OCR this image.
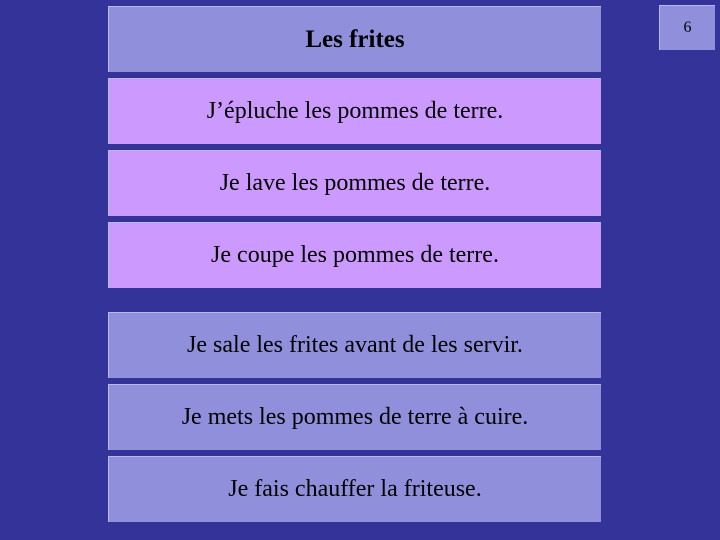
Les frites	6
J’épluche les pommes de terre.
Je lave les pommes de terre.
Je coupe les pommes de terre.
Je sale les frites avant de les servir.
Je mets les pommes de terre à cuire.
Je fais chauffer la friteuse.
